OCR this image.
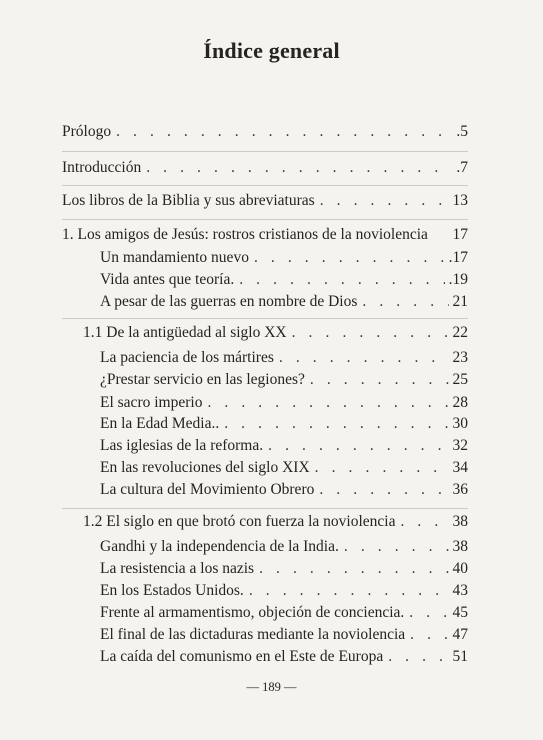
Índice general
Prólogo . . .	.5
Introducción . . .	.7
Los libros de la Biblia y sus abreviaturas . . .	13
1. Los amigos de Jesús: rostros cristianos de la noviolencia 17
Un mandamiento nuevo . . .	.17
Vida antes que teoría. . . .	.19
A pesar de las guerras en nombre de Dios . . .	21
1.1 De la antigüedad al siglo XX . . .	22
La paciencia de los mártires . . .	23
¿Prestar servicio en las legiones? . . .	25
El sacro imperio . . .	28
En la Edad Media.. . . .	30
Las iglesias de la reforma. . . .	32
En las revoluciones del siglo XIX . . .	34
La cultura del Movimiento Obrero . . .	36
1.2 El siglo en que brotó con fuerza la noviolencia . . .	38
Gandhi y la independencia de la India. . . .	38
La resistencia a los nazis . . .	40
En los Estados Unidos. . . .	43
Frente al armamentismo, objeción de conciencia. . . .	45
El final de las dictaduras mediante la noviolencia . . .	47
La caída del comunismo en el Este de Europa . . .	51
— 189 —
